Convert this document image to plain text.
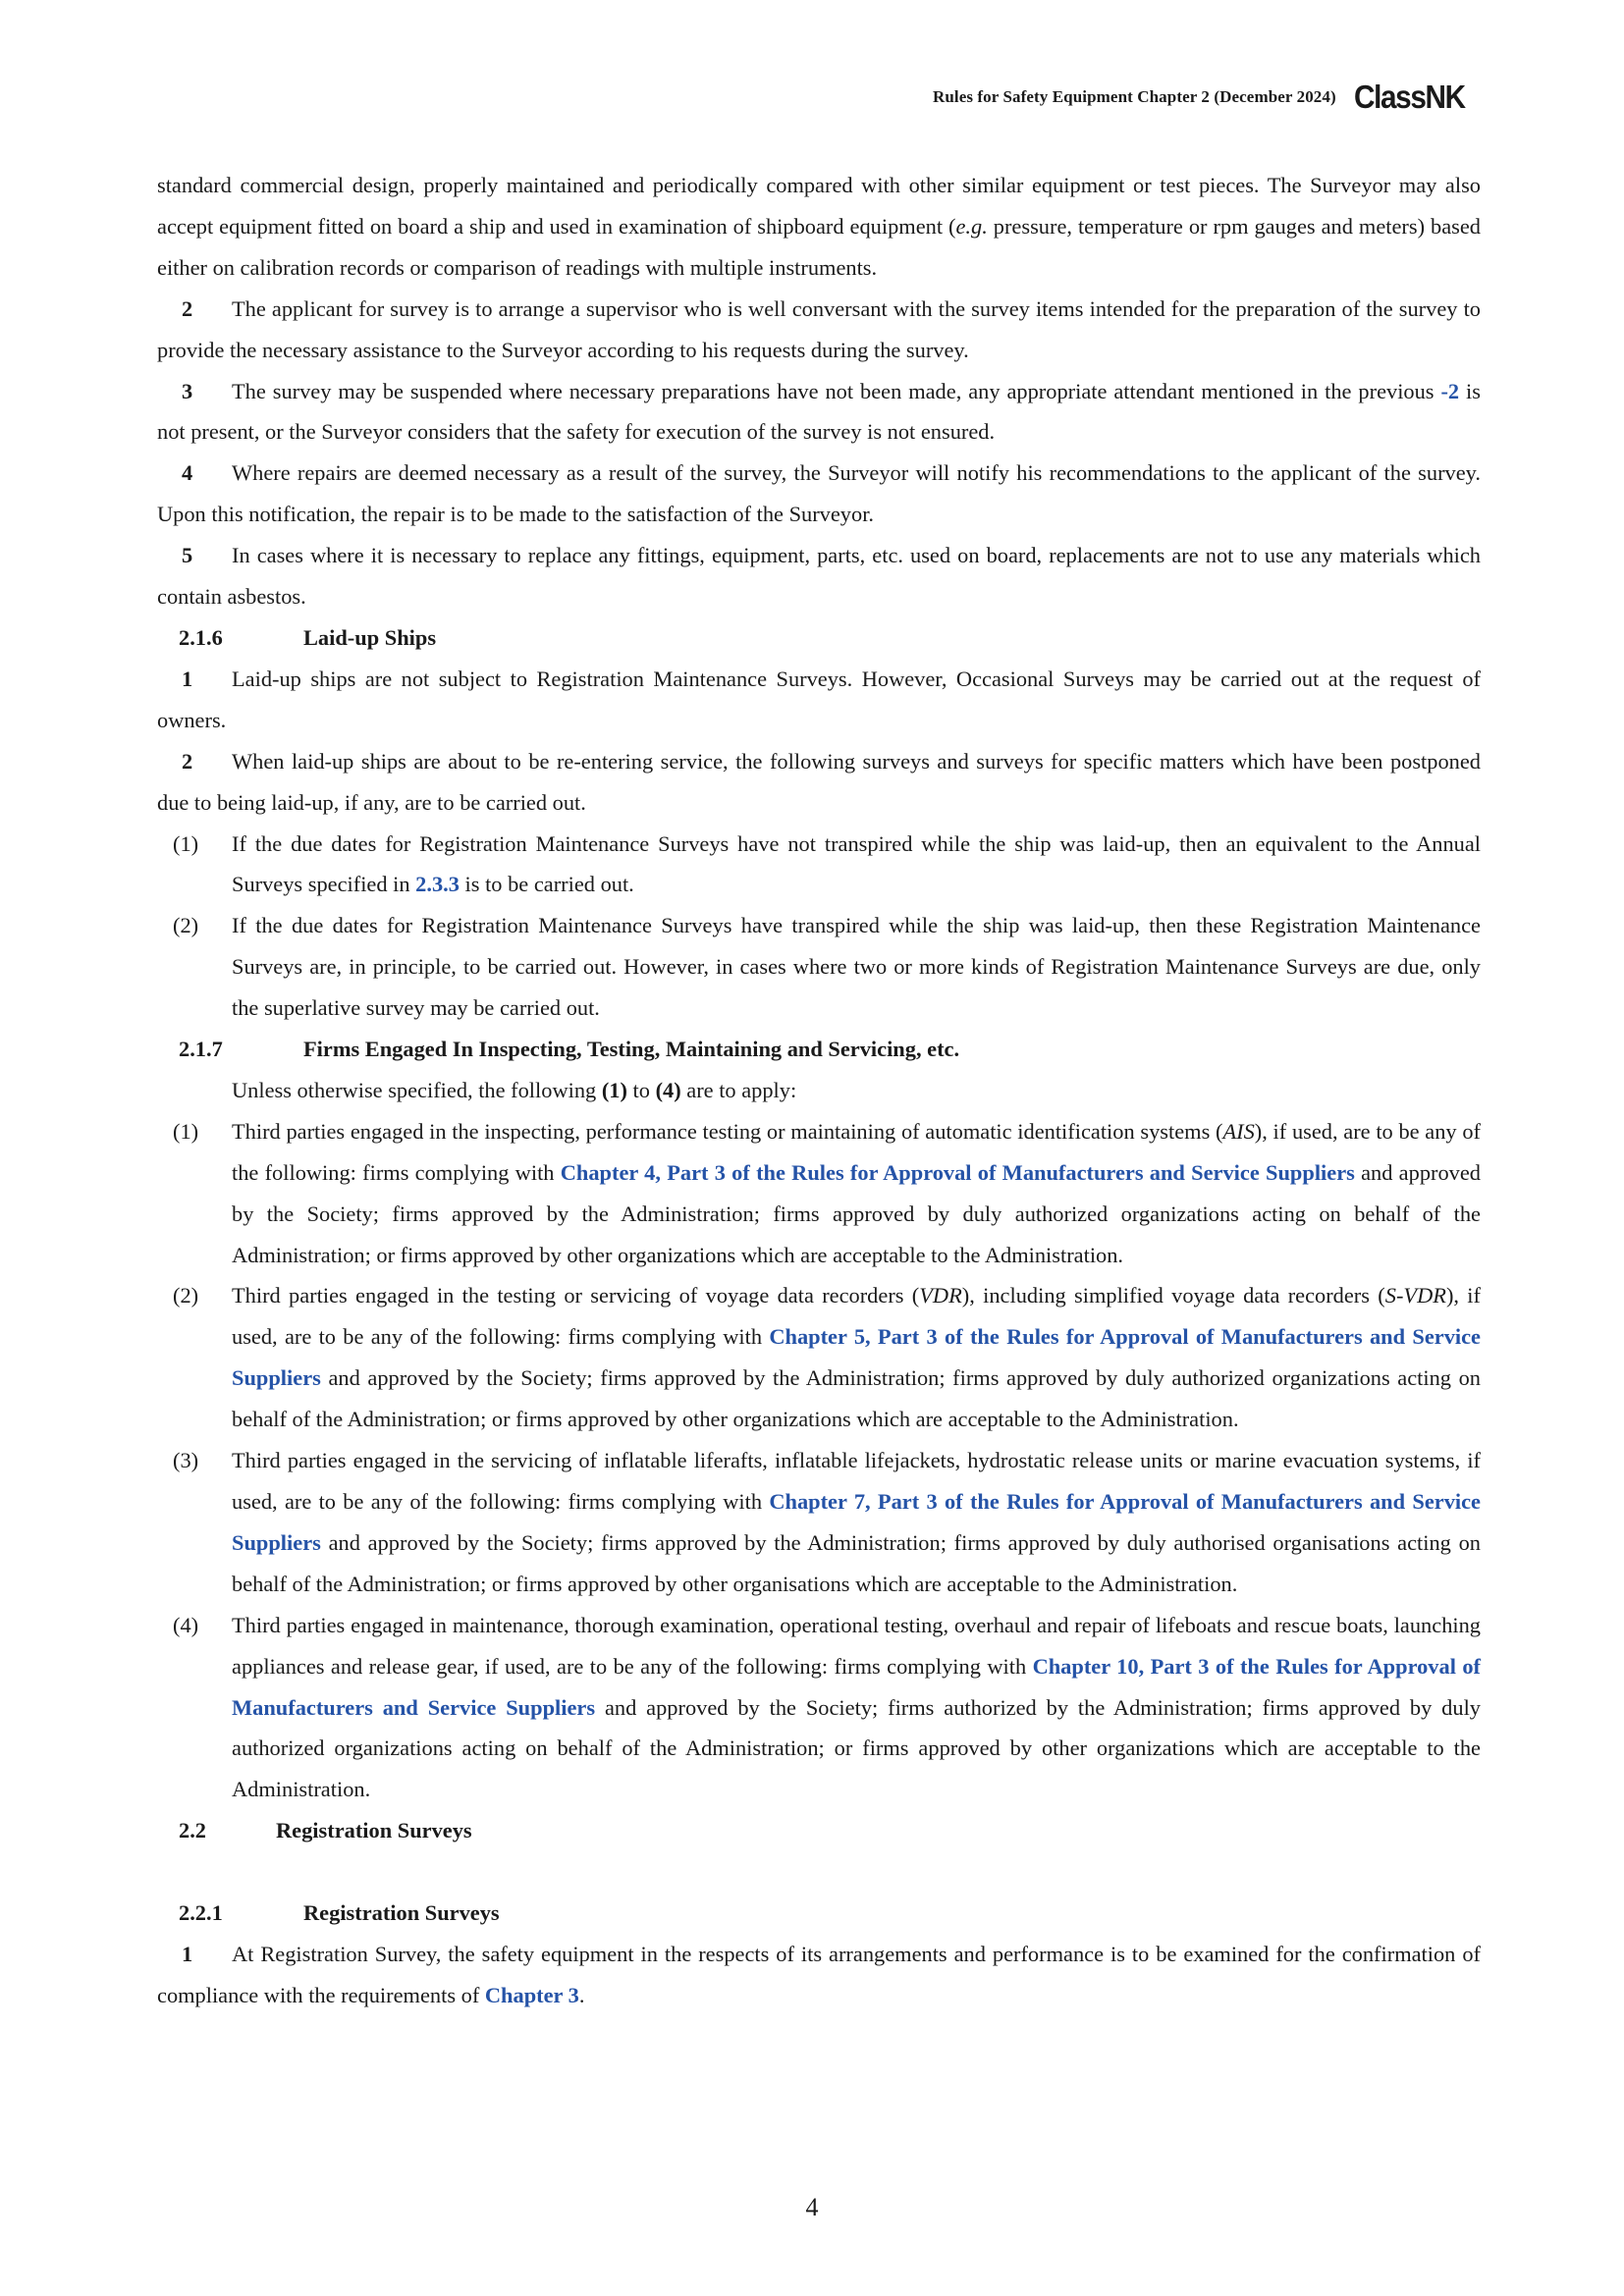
Rules for Safety Equipment Chapter 2 (December 2024) ClassNK

standard commercial design, properly maintained and periodically compared with other similar equipment or test pieces. The Surveyor may also accept equipment fitted on board a ship and used in examination of shipboard equipment (e.g. pressure, temperature or rpm gauges and meters) based either on calibration records or comparison of readings with multiple instruments.

2 The applicant for survey is to arrange a supervisor who is well conversant with the survey items intended for the preparation of the survey to provide the necessary assistance to the Surveyor according to his requests during the survey.

3 The survey may be suspended where necessary preparations have not been made, any appropriate attendant mentioned in the previous -2 is not present, or the Surveyor considers that the safety for execution of the survey is not ensured.

4 Where repairs are deemed necessary as a result of the survey, the Surveyor will notify his recommendations to the applicant of the survey. Upon this notification, the repair is to be made to the satisfaction of the Surveyor.

5 In cases where it is necessary to replace any fittings, equipment, parts, etc. used on board, replacements are not to use any materials which contain asbestos.

2.1.6	Laid-up Ships

1 Laid-up ships are not subject to Registration Maintenance Surveys. However, Occasional Surveys may be carried out at the request of owners.

2 When laid-up ships are about to be re-entering service, the following surveys and surveys for specific matters which have been postponed due to being laid-up, if any, are to be carried out.

(1)	If the due dates for Registration Maintenance Surveys have not transpired while the ship was laid-up, then an equivalent to the Annual Surveys specified in 2.3.3 is to be carried out.
(2)	If the due dates for Registration Maintenance Surveys have transpired while the ship was laid-up, then these Registration Maintenance Surveys are, in principle, to be carried out. However, in cases where two or more kinds of Registration Maintenance Surveys are due, only the superlative survey may be carried out.
2.1.7	Firms Engaged In Inspecting, Testing, Maintaining and Servicing, etc.

Unless otherwise specified, the following (1) to (4) are to apply:

(1)	Third parties engaged in the inspecting, performance testing or maintaining of automatic identification systems (AIS), if used, are to be any of the following: firms complying with Chapter 4, Part 3 of the Rules for Approval of Manufacturers and Service Suppliers and approved by the Society; firms approved by the Administration; firms approved by duly authorized organizations acting on behalf of the Administration; or firms approved by other organizations which are acceptable to the Administration.
(2)	Third parties engaged in the testing or servicing of voyage data recorders (VDR), including simplified voyage data recorders (S-VDR), if used, are to be any of the following: firms complying with Chapter 5, Part 3 of the Rules for Approval of Manufacturers and Service Suppliers and approved by the Society; firms approved by the Administration; firms approved by duly authorized organizations acting on behalf of the Administration; or firms approved by other organizations which are acceptable to the Administration.
(3)	Third parties engaged in the servicing of inflatable liferafts, inflatable lifejackets, hydrostatic release units or marine evacuation systems, if used, are to be any of the following: firms complying with Chapter 7, Part 3 of the Rules for Approval of Manufacturers and Service Suppliers and approved by the Society; firms approved by the Administration; firms approved by duly authorised organisations acting on behalf of the Administration; or firms approved by other organisations which are acceptable to the Administration.
(4)	Third parties engaged in maintenance, thorough examination, operational testing, overhaul and repair of lifeboats and rescue boats, launching appliances and release gear, if used, are to be any of the following: firms complying with Chapter 10, Part 3 of the Rules for Approval of Manufacturers and Service Suppliers and approved by the Society; firms authorized by the Administration; firms approved by duly authorized organizations acting on behalf of the Administration; or firms approved by other organizations which are acceptable to the Administration.
2.2	Registration Surveys
2.2.1	Registration Surveys

1 At Registration Survey, the safety equipment in the respects of its arrangements and performance is to be examined for the confirmation of compliance with the requirements of Chapter 3.

4
